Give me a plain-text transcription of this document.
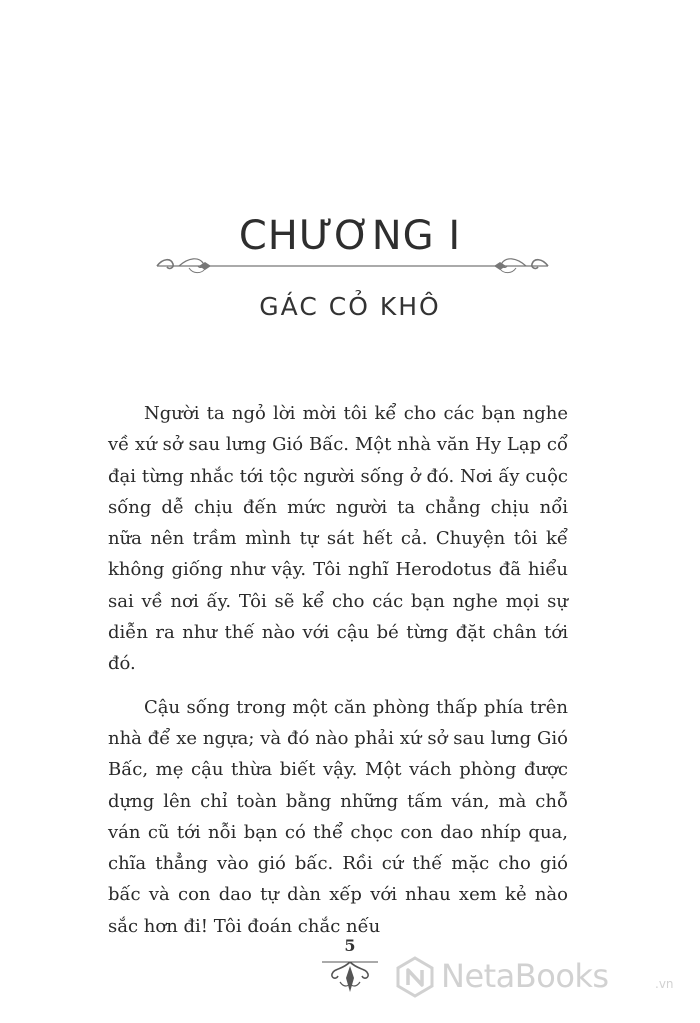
CHƯƠNG I
GÁC CỎ KHÔ

Người ta ngỏ lời mời tôi kể cho các bạn nghe về xứ sở sau lưng Gió Bấc. Một nhà văn Hy Lạp cổ đại từng nhắc tới tộc người sống ở đó. Nơi ấy cuộc sống dễ chịu đến mức người ta chẳng chịu nổi nữa nên trầm mình tự sát hết cả. Chuyện tôi kể không giống như vậy. Tôi nghĩ Herodotus đã hiểu sai về nơi ấy. Tôi sẽ kể cho các bạn nghe mọi sự diễn ra như thế nào với cậu bé từng đặt chân tới đó.

Cậu sống trong một căn phòng thấp phía trên nhà để xe ngựa; và đó nào phải xứ sở sau lưng Gió Bấc, mẹ cậu thừa biết vậy. Một vách phòng được dựng lên chỉ toàn bằng những tấm ván, mà chỗ ván cũ tới nỗi bạn có thể chọc con dao nhíp qua, chĩa thẳng vào gió bấc. Rồi cứ thế mặc cho gió bấc và con dao tự dàn xếp với nhau xem kẻ nào sắc hơn đi! Tôi đoán chắc nếu

5
NetaBooks	.vn
